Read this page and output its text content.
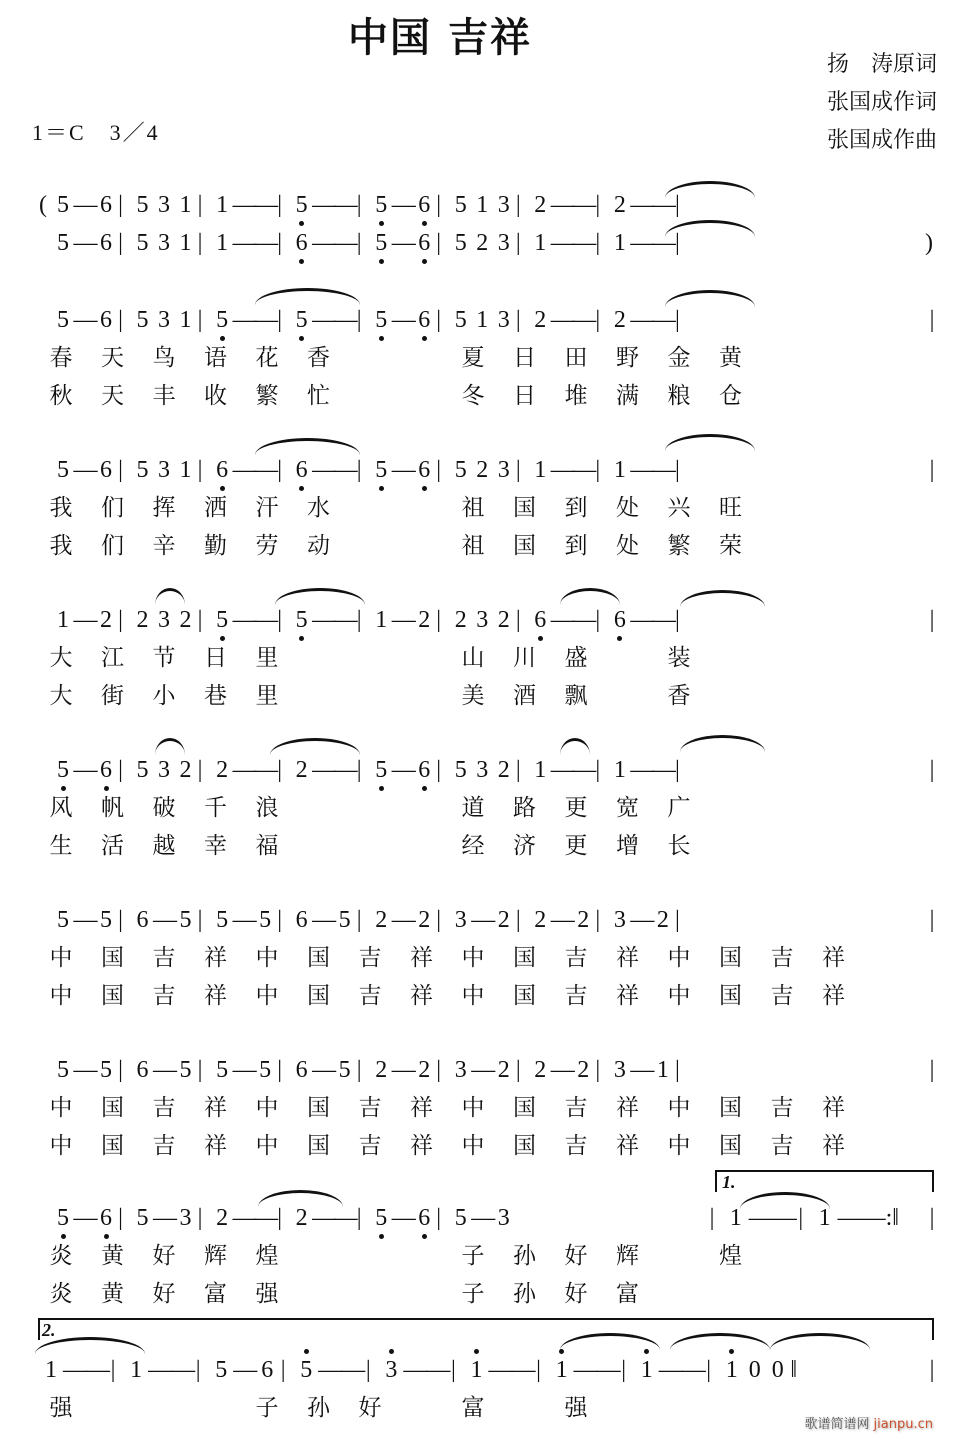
中国 吉祥
扬　涛原词
张国成作词
张国成作曲
1＝C　3／4
( 5 — 6 | 5 3 1 | 1 —
— | 5 —
— | 5 — 6 | 5 1 3 | 2 —
— | 2 —
— |
5 — 6 | 5 3 1 | 1 —
— | 6 —
— | 5 — 6 | 5 2 3 | 1 —
— | 1 —
— |	)
5 — 6 | 5 3 1 | 5 —
— | 5 —
— | 5 — 6 | 5 1 3 | 2 —
— | 2 —
— |
春 天 鸟 语 花 香	夏 日 田 野 金 黄
秋 天 丰 收 繁 忙	冬 日 堆 满 粮 仓
|
5 — 6 | 5 3 1 | 6 —
— | 6 —
— | 5 — 6 | 5 2 3 | 1 —
— | 1 —
— |
我 们 挥 洒 汗 水	祖 国 到 处 兴 旺
我 们 辛 勤 劳 动	祖 国 到 处 繁 荣
|
1 — 2 | 2 3 2 | 5 —
— | 5 —
— | 1 — 2 | 2 3 2 | 6 —
— | 6 —
— |
大 江 节 日 里	山 川 盛	装
大 街 小 巷 里	美 酒 飘	香
|
5 — 6 | 5 3 2 | 2 —
— | 2 —
— | 5 — 6 | 5 3 2 | 1 —
— | 1 —
— |
风 帆 破 千 浪	道 路 更 宽 广
生 活 越 幸 福	经 济 更 增 长
|
5 — 5 | 6 — 5 | 5 — 5 | 6 — 5 | 2 — 2 | 3 — 2 | 2 — 2 | 3 — 2 |
中 国 吉 祥 中 国 吉 祥 中 国 吉 祥 中 国 吉 祥
中 国 吉 祥 中 国 吉 祥 中 国 吉 祥 中 国 吉 祥
|
5 — 5 | 6 — 5 | 5 — 5 | 6 — 5 | 2 — 2 | 3 — 2 | 2 — 2 | 3 — 1 |
中 国 吉 祥 中 国 吉 祥 中 国 吉 祥 中 国 吉 祥
中 国 吉 祥 中 国 吉 祥 中 国 吉 祥 中 国 吉 祥
|
5 — 6 | 5 — 3 | 2 —
— | 2 —
— | 5 — 6 | 5 — 3
炎 黄 好 辉 煌	子 孙 好 辉	煌
炎 黄 好 富 强	子 孙 好 富
|
1 — — | 1 — — | 5 — 6 | 5 — — | 3 — — | 1 — — | 1 — — | 1 — — | 1 0 0 ‖
强	子 孙 好	富	强
|
1.
| 1 — — | 1 — — :‖
2.
歌谱简谱网 jianpu.cn
